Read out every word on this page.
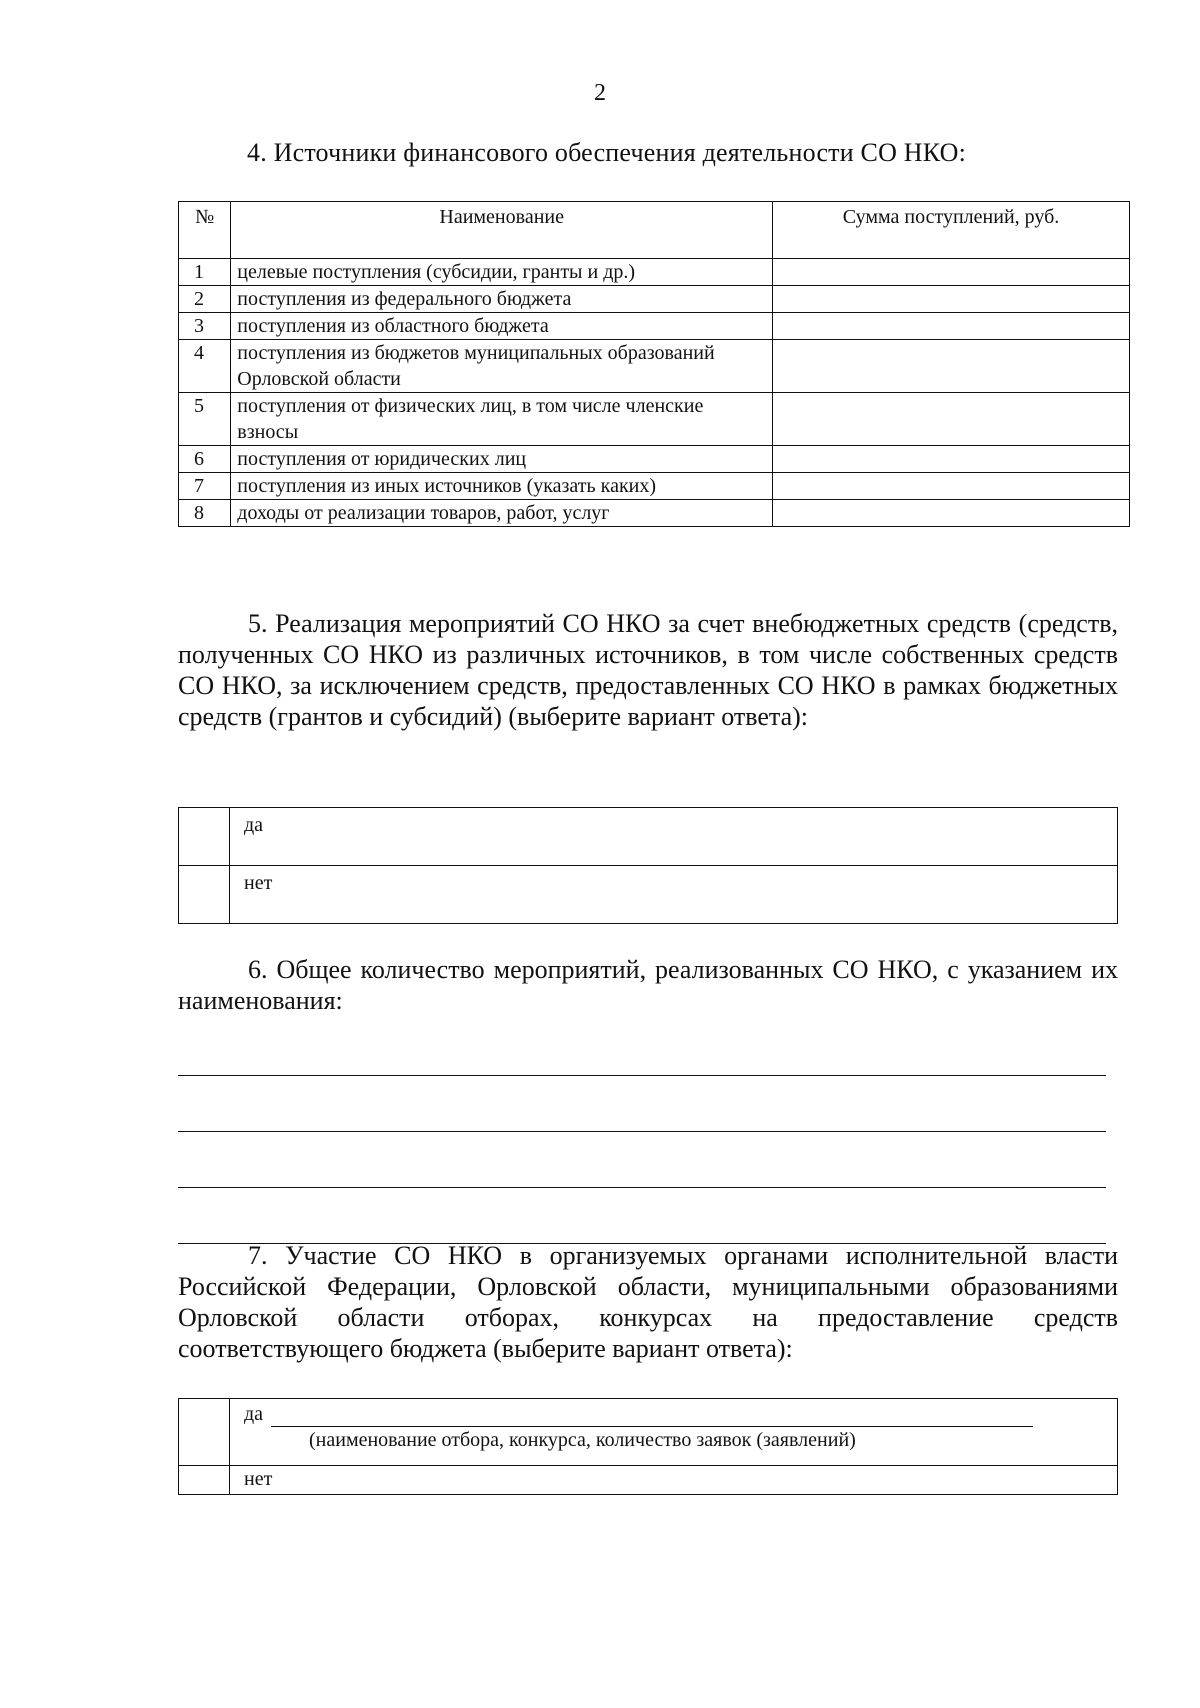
2
4. Источники финансового обеспечения деятельности СО НКО:
№	Наименование	Сумма поступлений, руб.
1	целевые поступления (субсидии, гранты и др.)	
2	поступления из федерального бюджета	
3	поступления из областного бюджета	
4	поступления из бюджетов муниципальных образований Орловской области	
5	поступления от физических лиц, в том числе членские взносы	
6	поступления от юридических лиц	
7	поступления из иных источников (указать каких)	
8	доходы от реализации товаров, работ, услуг	
5. Реализация мероприятий СО НКО за счет внебюджетных средств (средств, полученных СО НКО из различных источников, в том числе собственных средств СО НКО, за исключением средств, предоставленных СО НКО в рамках бюджетных средств (грантов и субсидий) (выберите вариант ответа):
	да
	нет
6. Общее количество мероприятий, реализованных СО НКО, с указанием их наименования:
7. Участие СО НКО в организуемых органами исполнительной власти Российской Федерации, Орловской области, муниципальными образованиями Орловской области отборах, конкурсах на предоставление средств соответствующего бюджета (выберите вариант ответа):
	да
(наименование отбора, конкурса, количество заявок (заявлений)

	нет
